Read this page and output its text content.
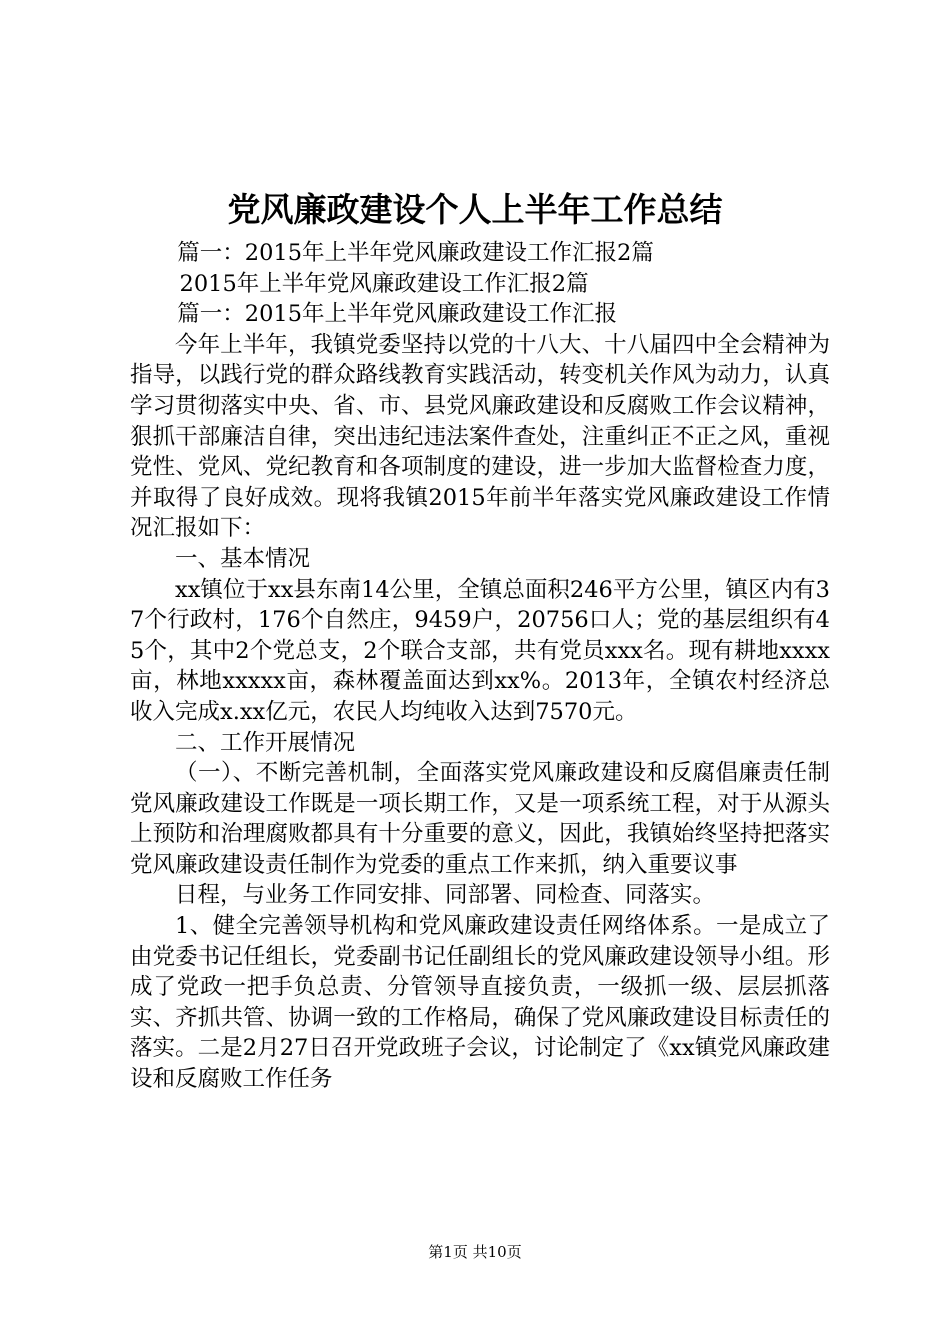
党风廉政建设个人上半年工作总结

篇一：2015年上半年党风廉政建设工作汇报2篇

2015年上半年党风廉政建设工作汇报2篇

篇一：2015年上半年党风廉政建设工作汇报

今年上半年，我镇党委坚持以党的十八大、十八届四中全会精神为指导，以践行党的群众路线教育实践活动，转变机关作风为动力，认真学习贯彻落实中央、省、市、县党风廉政建设和反腐败工作会议精神，狠抓干部廉洁自律，突出违纪违法案件查处，注重纠正不正之风，重视党性、党风、党纪教育和各项制度的建设，进一步加大监督检查力度，并取得了良好成效。现将我镇2015年前半年落实党风廉政建设工作情况汇报如下：

一、基本情况

xx镇位于xx县东南14公里，全镇总面积246平方公里，镇区内有37个行政村，176个自然庄，9459户，20756口人；党的基层组织有45个，其中2个党总支，2个联合支部，共有党员xxx名。现有耕地xxxx亩，林地xxxxx亩，森林覆盖面达到xx%。2013年，全镇农村经济总收入完成x.xx亿元，农民人均纯收入达到7570元。

二、工作开展情况

（一）、不断完善机制，全面落实党风廉政建设和反腐倡廉责任制党风廉政建设工作既是一项长期工作，又是一项系统工程，对于从源头上预防和治理腐败都具有十分重要的意义，因此，我镇始终坚持把落实党风廉政建设责任制作为党委的重点工作来抓，纳入重要议事

日程，与业务工作同安排、同部署、同检查、同落实。

1、健全完善领导机构和党风廉政建设责任网络体系。一是成立了由党委书记任组长，党委副书记任副组长的党风廉政建设领导小组。形成了党政一把手负总责、分管领导直接负责，一级抓一级、层层抓落实、齐抓共管、协调一致的工作格局，确保了党风廉政建设目标责任的落实。二是2月27日召开党政班子会议，讨论制定了《xx镇党风廉政建设和反腐败工作任务

第1页 共10页
